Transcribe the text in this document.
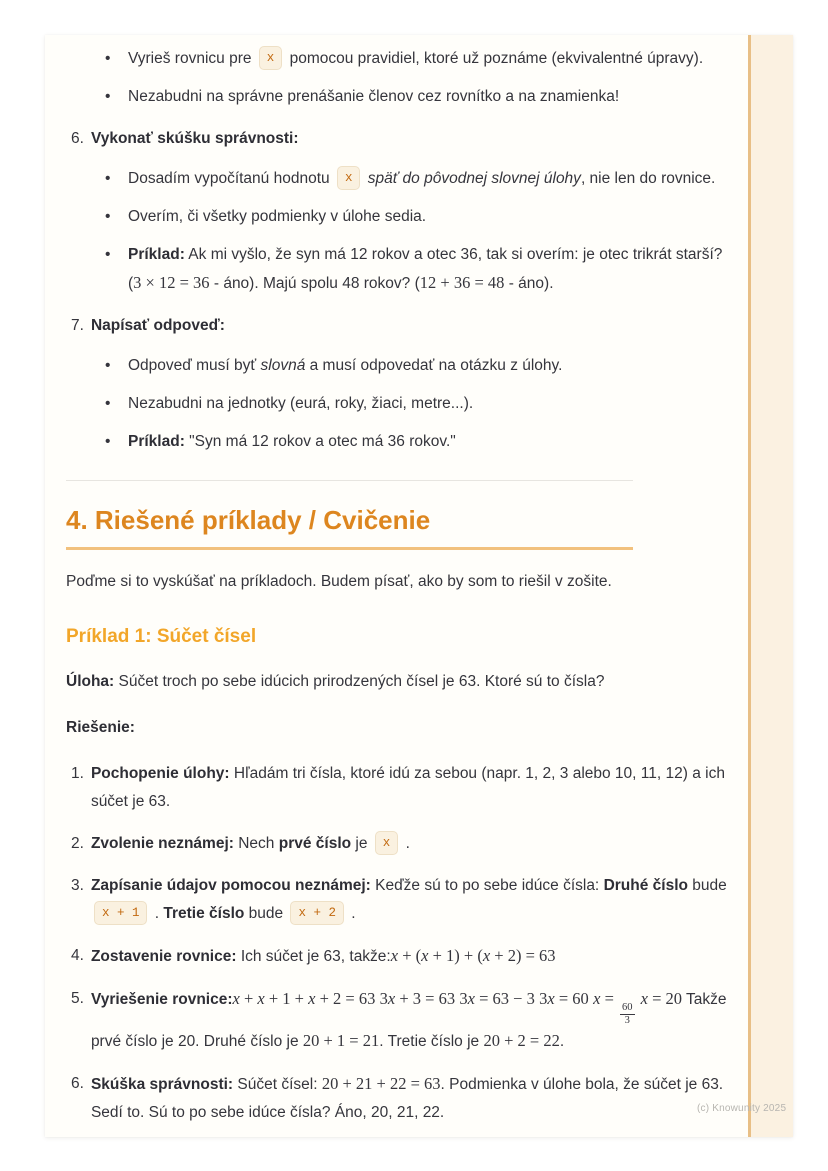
•	Vyrieš rovnicu pre x pomocou pravidiel, ktoré už poznáme (ekvivalentné úpravy).
•	Nezabudni na správne prenášanie členov cez rovnítko a na znamienka!
6. Vykonať skúšku správnosti:
•	Dosadím vypočítanú hodnotu x späť do pôvodnej slovnej úlohy, nie len do rovnice.
•	Overím, či všetky podmienky v úlohe sedia.
•	Príklad: Ak mi vyšlo, že syn má 12 rokov a otec 36, tak si overím: je otec trikrát starší? (3 × 12 = 36 - áno). Majú spolu 48 rokov? (12 + 36 = 48 - áno).
7. Napísať odpoveď:
•	Odpoveď musí byť slovná a musí odpovedať na otázku z úlohy.
•	Nezabudni na jednotky (eurá, roky, žiaci, metre...).
•	Príklad: "Syn má 12 rokov a otec má 36 rokov."
4. Riešené príklady / Cvičenie
Poďme si to vyskúšať na príkladoch. Budem písať, ako by som to riešil v zošite.
Príklad 1: Súčet čísel
Úloha: Súčet troch po sebe idúcich prirodzených čísel je 63. Ktoré sú to čísla?
Riešenie:
1. Pochopenie úlohy: Hľadám tri čísla, ktoré idú za sebou (napr. 1, 2, 3 alebo 10, 11, 12) a ich súčet je 63.
2. Zvolenie neznámej: Nech prvé číslo je x .
3. Zapísanie údajov pomocou neznámej: Keďže sú to po sebe idúce čísla: Druhé číslo bude x + 1 . Tretie číslo bude x + 2 .
4. Zostavenie rovnice: Ich súčet je 63, takže:x + (x + 1) + (x + 2) = 63
5. Vyriešenie rovnice:x + x + 1 + x + 2 = 63 3x + 3 = 63 3x = 63 − 3 3x = 60 x =
$\frac{60}{3}$
x = 20 Takže prvé číslo je 20. Druhé číslo je 20 + 1 = 21. Tretie číslo je 20 + 2 = 22.
6. Skúška správnosti: Súčet čísel: 20 + 21 + 22 = 63. Podmienka v úlohe bola, že súčet je 63. Sedí to. Sú to po sebe idúce čísla? Áno, 20, 21, 22.	(c) Knowunity 2025
